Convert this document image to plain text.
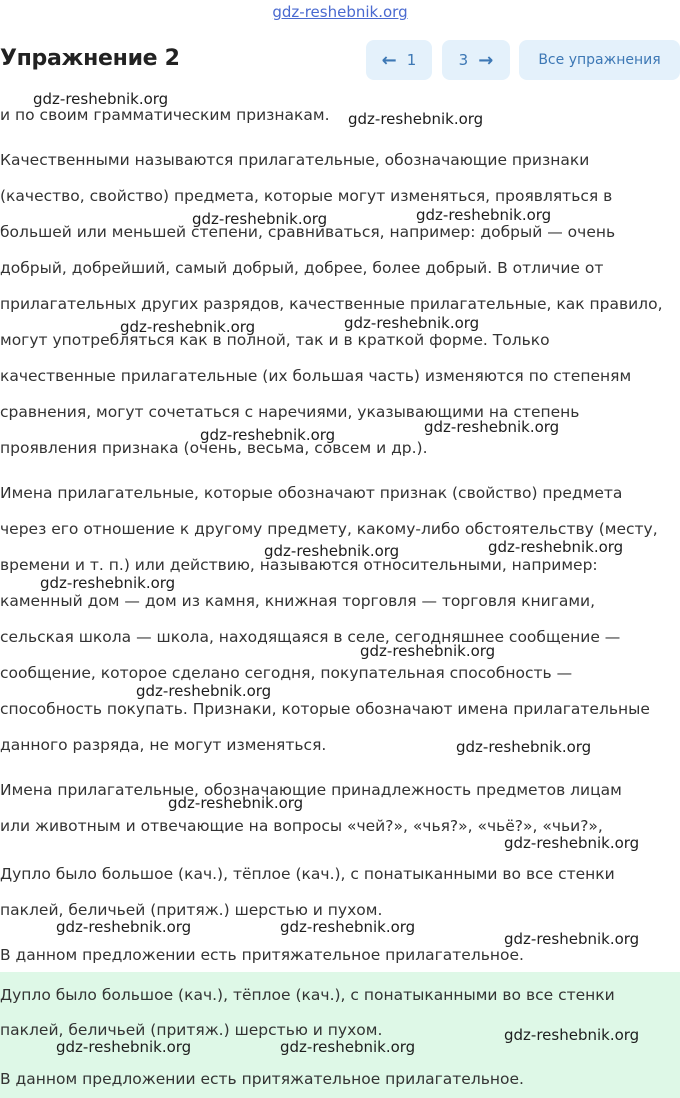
gdz-reshebnik.org
Упражнение 2	← 1	3 →	Все упражнения

и по своим грамматическим признакам.

Качественными называются прилагательные, обозначающие признаки

(качество, свойство) предмета, которые могут изменяться, проявляться в

большей или меньшей степени, сравниваться, например: добрый — очень

добрый, добрейший, самый добрый, добрее, более добрый. В отличие от

прилагательных других разрядов, качественные прилагательные, как правило,

могут употребляться как в полной, так и в краткой форме. Только

качественные прилагательные (их большая часть) изменяются по степеням

сравнения, могут сочетаться с наречиями, указывающими на степень

проявления признака (очень, весьма, совсем и др.).

Имена прилагательные, которые обозначают признак (свойство) предмета

через его отношение к другому предмету, какому-либо обстоятельству (месту,

времени и т. п.) или действию, называются относительными, например:

каменный дом — дом из камня, книжная торговля — торговля книгами,

сельская школа — школа, находящаяся в селе, сегодняшнее сообщение —

сообщение, которое сделано сегодня, покупательная способность —

способность покупать. Признаки, которые обозначают имена прилагательные

данного разряда, не могут изменяться.

Имена прилагательные, обозначающие принадлежность предметов лицам

или животным и отвечающие на вопросы «чей?», «чья?», «чьё?», «чьи?»,

Дупло было большое (кач.), тёплое (кач.), с понатыканными во все стенки

паклей, беличьей (притяж.) шерстью и пухом.

В данном предложении есть притяжательное прилагательное.

Дупло было большое (кач.), тёплое (кач.), с понатыканными во все стенки

паклей, беличьей (притяж.) шерстью и пухом.

В данном предложении есть притяжательное прилагательное.

gdz-reshebnik.org
gdz-reshebnik.org
gdz-reshebnik.org	gdz-reshebnik.org
gdz-reshebnik.org	gdz-reshebnik.org
gdz-reshebnik.org	gdz-reshebnik.org
gdz-reshebnik.org	gdz-reshebnik.org
gdz-reshebnik.org
gdz-reshebnik.org
gdz-reshebnik.org
gdz-reshebnik.org
gdz-reshebnik.org
gdz-reshebnik.org
gdz-reshebnik.org	gdz-reshebnik.org
gdz-reshebnik.org
gdz-reshebnik.org
gdz-reshebnik.org	gdz-reshebnik.org
